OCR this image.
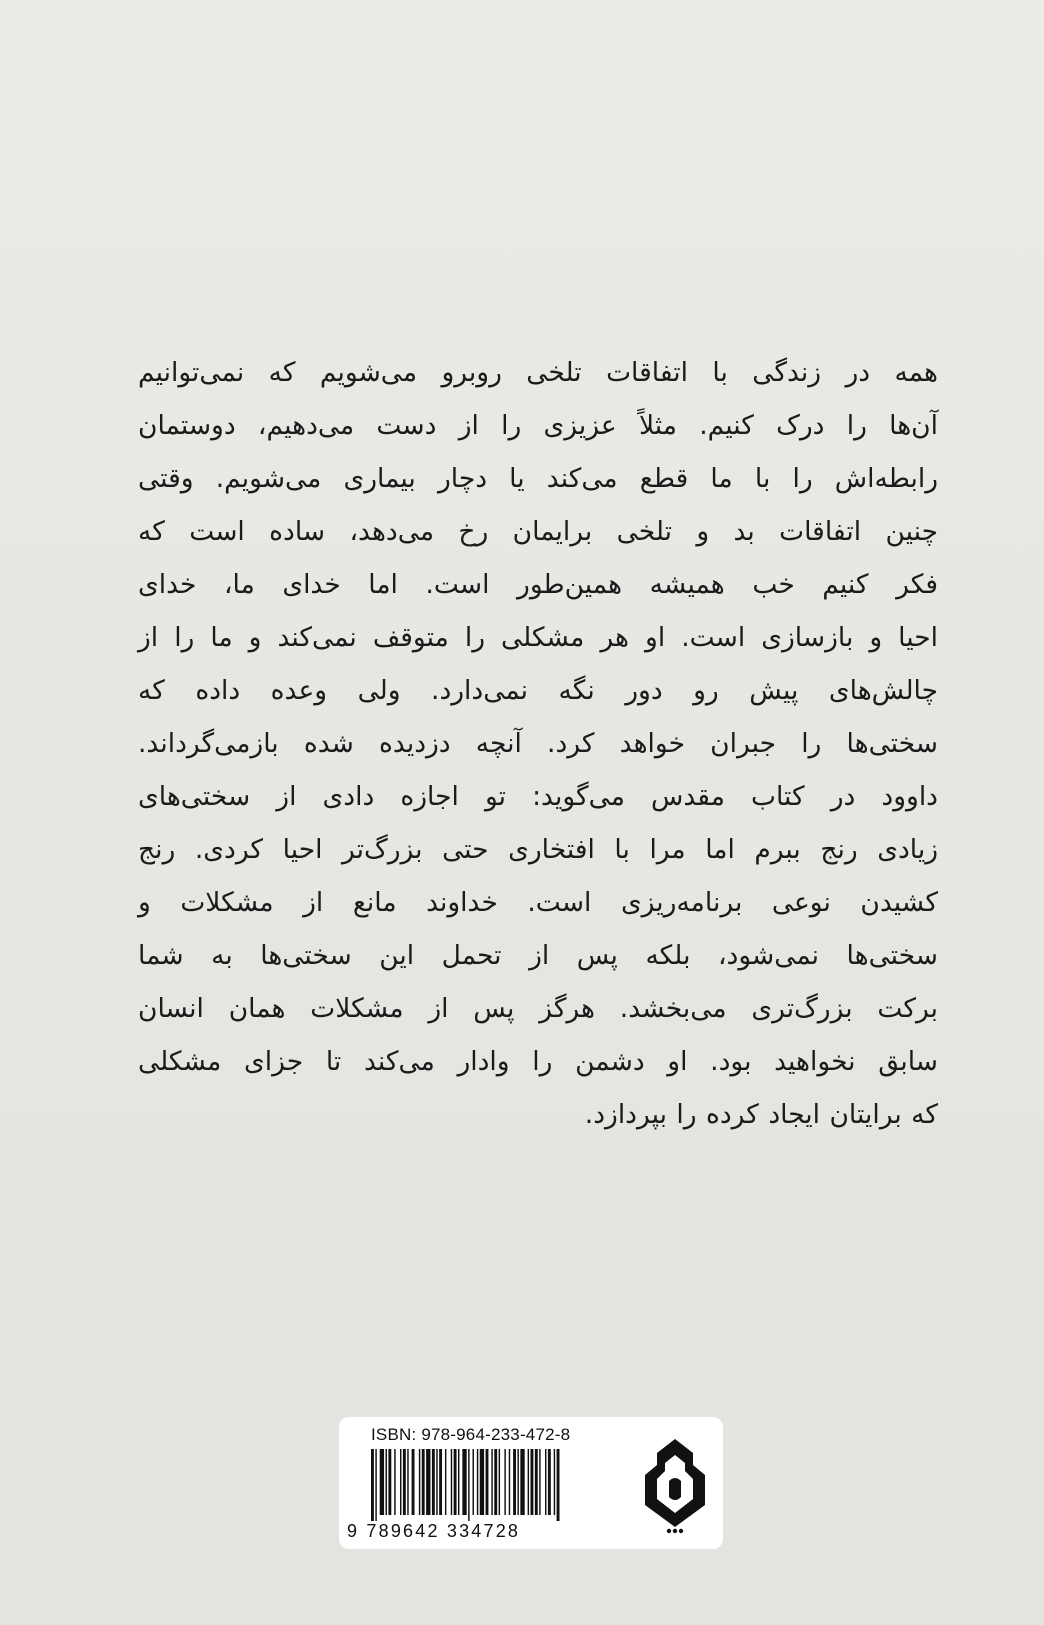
همه در زندگی با اتفاقات تلخی روبرو می‌شویم که نمی‌توانیم
آن‌ها را درک کنیم. مثلاً عزیزی را از دست می‌دهیم، دوستمان
رابطه‌اش را با ما قطع می‌کند یا دچار بیماری می‌شویم. وقتی
چنین اتفاقات بد و تلخی برایمان رخ می‌دهد، ساده است که
فکر کنیم خب همیشه همین‌طور است. اما خدای ما، خدای
احیا و بازسازی است. او هر مشکلی را متوقف نمی‌کند و ما را از
چالش‌های پیش رو دور نگه نمی‌دارد. ولی وعده داده که
سختی‌ها را جبران خواهد کرد. آنچه دزدیده شده بازمی‌گرداند.
داوود در کتاب مقدس می‌گوید: تو اجازه دادی از سختی‌های
زیادی رنج ببرم اما مرا با افتخاری حتی بزرگ‌تر احیا کردی. رنج
کشیدن نوعی برنامه‌ریزی است. خداوند مانع از مشکلات و
سختی‌ها نمی‌شود، بلکه پس از تحمل این سختی‌ها به شما
برکت بزرگ‌تری می‌بخشد. هرگز پس از مشکلات همان انسان
سابق نخواهید بود. او دشمن را وادار می‌کند تا جزای مشکلی
که برایتان ایجاد کرده را بپردازد.
ISBN: 978-964-233-472-8
9 789642 334728
